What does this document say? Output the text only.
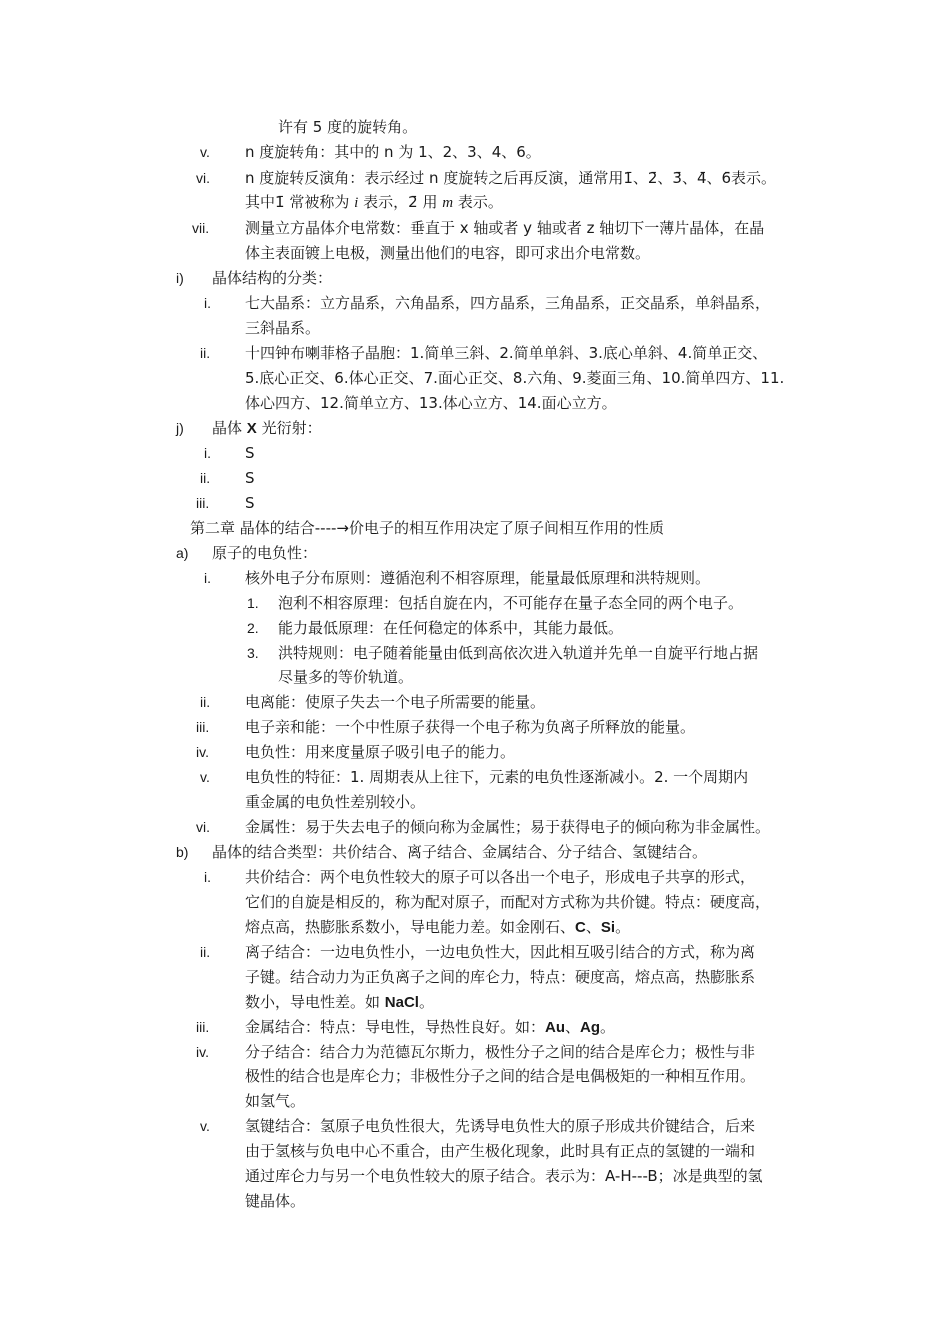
许有 5 度的旋转角。
v. n 度旋转角：其中的 n 为 1、2、3、4、6。
vi. n 度旋转反演角：表示经过 n 度旋转之后再反演，通常用1̄、2̄、3̄、4̄、6̄表示。
其中1̄ 常被称为 i 表示，2̄ 用 m 表示。
vii. 测量立方晶体介电常数：垂直于 x 轴或者 y 轴或者 z 轴切下一薄片晶体，在晶
体主表面镀上电极，测量出他们的电容，即可求出介电常数。
i) 晶体结构的分类：
i. 七大晶系：立方晶系，六角晶系，四方晶系，三角晶系，正交晶系，单斜晶系，
三斜晶系。
ii. 十四钟布喇菲格子晶胞：1.简单三斜、2.简单单斜、3.底心单斜、4.简单正交、
5.底心正交、6.体心正交、7.面心正交、8.六角、9.菱面三角、10.简单四方、11.
体心四方、12.简单立方、13.体心立方、14.面心立方。
j) 晶体 X 光衍射：
i. S
ii. S
iii. S
第二章 晶体的结合----→价电子的相互作用决定了原子间相互作用的性质
a) 原子的电负性：
i. 核外电子分布原则：遵循泡利不相容原理，能量最低原理和洪特规则。
1. 泡利不相容原理：包括自旋在内，不可能存在量子态全同的两个电子。
2. 能力最低原理：在任何稳定的体系中，其能力最低。
3. 洪特规则：电子随着能量由低到高依次进入轨道并先单一自旋平行地占据
尽量多的等价轨道。
ii. 电离能：使原子失去一个电子所需要的能量。
iii. 电子亲和能：一个中性原子获得一个电子称为负离子所释放的能量。
iv. 电负性：用来度量原子吸引电子的能力。
v. 电负性的特征：1. 周期表从上往下，元素的电负性逐渐减小。2. 一个周期内
重金属的电负性差别较小。
vi. 金属性：易于失去电子的倾向称为金属性；易于获得电子的倾向称为非金属性。
b) 晶体的结合类型：共价结合、离子结合、金属结合、分子结合、氢键结合。
i. 共价结合：两个电负性较大的原子可以各出一个电子，形成电子共享的形式，
它们的自旋是相反的，称为配对原子，而配对方式称为共价键。特点：硬度高，
熔点高，热膨胀系数小，导电能力差。如金刚石、C、Si。
ii. 离子结合：一边电负性小，一边电负性大，因此相互吸引结合的方式，称为离
子键。结合动力为正负离子之间的库仑力，特点：硬度高，熔点高，热膨胀系
数小，导电性差。如 NaCl。
iii. 金属结合：特点：导电性，导热性良好。如：Au、Ag。
iv. 分子结合：结合力为范德瓦尔斯力，极性分子之间的结合是库仑力；极性与非
极性的结合也是库仑力；非极性分子之间的结合是电偶极矩的一种相互作用。
如氢气。
v. 氢键结合：氢原子电负性很大，先诱导电负性大的原子形成共价键结合，后来
由于氢核与负电中心不重合，由产生极化现象，此时具有正点的氢键的一端和
通过库仑力与另一个电负性较大的原子结合。表示为：A-H---B；冰是典型的氢
键晶体。
